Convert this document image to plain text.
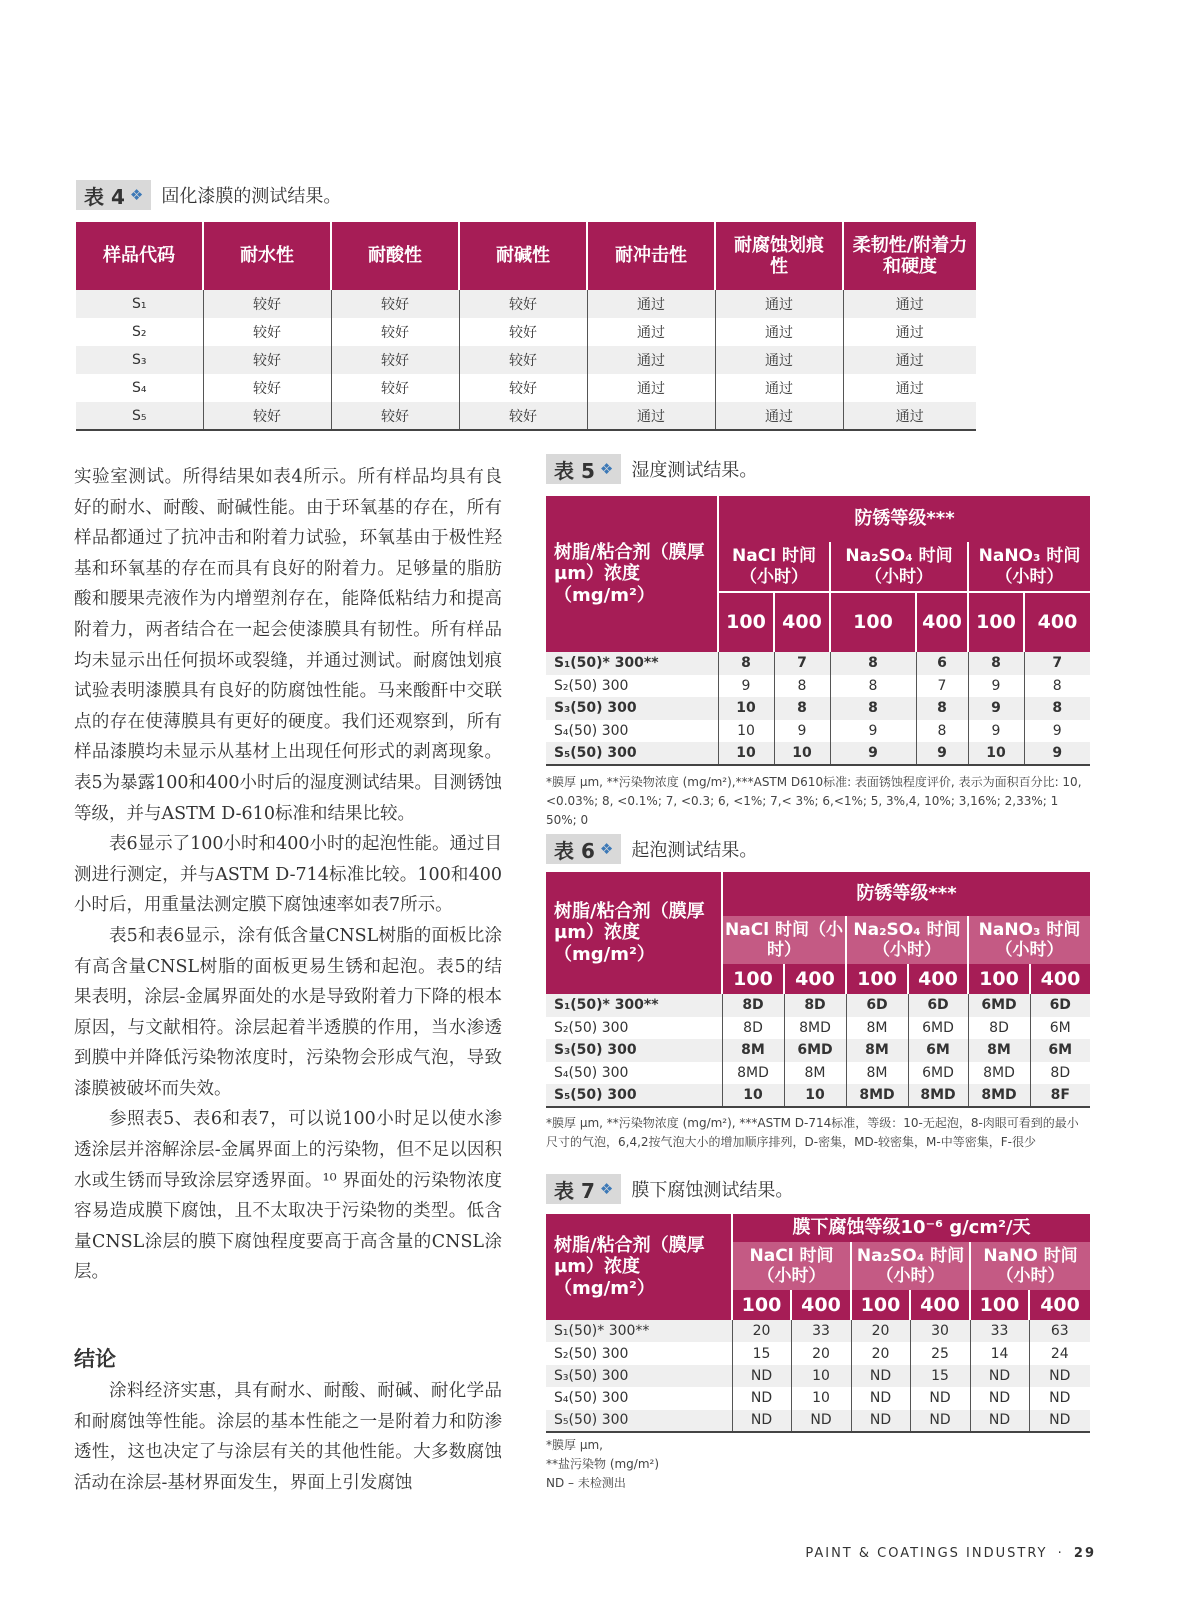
表 4 ❖ 固化漆膜的测试结果。
样品代码	耐水性	耐酸性	耐碱性	耐冲击性	耐腐蚀划痕性	柔韧性/附着力和硬度
S₁	较好	较好	较好	通过	通过	通过
S₂	较好	较好	较好	通过	通过	通过
S₃	较好	较好	较好	通过	通过	通过
S₄	较好	较好	较好	通过	通过	通过
S₅	较好	较好	较好	通过	通过	通过

实验室测试。所得结果如表4所示。所有样品均具有良好的耐水、耐酸、耐碱性能。由于环氧基的存在，所有样品都通过了抗冲击和附着力试验，环氧基由于极性羟基和环氧基的存在而具有良好的附着力。足够量的脂肪酸和腰果壳液作为内增塑剂存在，能降低粘结力和提高附着力，两者结合在一起会使漆膜具有韧性。所有样品均未显示出任何损坏或裂缝，并通过测试。耐腐蚀划痕试验表明漆膜具有良好的防腐蚀性能。马来酸酐中交联点的存在使薄膜具有更好的硬度。我们还观察到，所有样品漆膜均未显示从基材上出现任何形式的剥离现象。表5为暴露100和400小时后的湿度测试结果。目测锈蚀等级，并与ASTM D-610标准和结果比较。

表6显示了100小时和400小时的起泡性能。通过目测进行测定，并与ASTM D-714标准比较。100和400小时后，用重量法测定膜下腐蚀速率如表7所示。

表5和表6显示，涂有低含量CNSL树脂的面板比涂有高含量CNSL树脂的面板更易生锈和起泡。表5的结果表明，涂层-金属界面处的水是导致附着力下降的根本原因，与文献相符。涂层起着半透膜的作用，当水渗透到膜中并降低污染物浓度时，污染物会形成气泡，导致漆膜被破坏而失效。

参照表5、表6和表7，可以说100小时足以使水渗透涂层并溶解涂层-金属界面上的污染物，但不足以因积水或生锈而导致涂层穿透界面。¹⁰ 界面处的污染物浓度容易造成膜下腐蚀，且不太取决于污染物的类型。低含量CNSL涂层的膜下腐蚀程度要高于高含量的CNSL涂层。

结论

涂料经济实惠，具有耐水、耐酸、耐碱、耐化学品和耐腐蚀等性能。涂层的基本性能之一是附着力和防渗透性，这也决定了与涂层有关的其他性能。大多数腐蚀活动在涂层-基材界面发生，界面上引发腐蚀

表 5 ❖ 湿度测试结果。
树脂/粘合剂（膜厚µm）浓度（mg/m²）	防锈等级***					
	NaCl 时间（小时）		Na₂SO₄ 时间（小时）		NaNO₃ 时间（小时）	
	100	400	100	400	100	400
S₁(50)* 300**	8	7	8	6	8	7
S₂(50) 300	9	8	8	7	9	8
S₃(50) 300	10	8	8	8	9	8
S₄(50) 300	10	9	9	8	9	9
S₅(50) 300	10	10	9	9	10	9
*膜厚 µm, **污染物浓度 (mg/m²),***ASTM D610标准: 表面锈蚀程度评价, 表示为面积百分比: 10, <0.03%; 8, <0.1%; 7, <0.3; 6, <1%; 7,< 3%; 6,<1%; 5, 3%,4, 10%; 3,16%; 2,33%; 1 50%; 0
表 6 ❖ 起泡测试结果。
树脂/粘合剂（膜厚µm）浓度（mg/m²）	防锈等级***					
	NaCl 时间（小时）		Na₂SO₄ 时间（小时）		NaNO₃ 时间（小时）	
	100	400	100	400	100	400
S₁(50)* 300**	8D	8D	6D	6D	6MD	6D
S₂(50) 300	8D	8MD	8M	6MD	8D	6M
S₃(50) 300	8M	6MD	8M	6M	8M	6M
S₄(50) 300	8MD	8M	8M	6MD	8MD	8D
S₅(50) 300	10	10	8MD	8MD	8MD	8F
*膜厚 µm, **污染物浓度 (mg/m²), ***ASTM D-714标准，等级：10-无起泡，8-肉眼可看到的最小尺寸的气泡，6,4,2按气泡大小的增加顺序排列，D-密集，MD-较密集，M-中等密集，F-很少
表 7 ❖ 膜下腐蚀测试结果。
树脂/粘合剂（膜厚µm）浓度（mg/m²）	膜下腐蚀等级10⁻⁶ g/cm²/天					
	NaCl 时间（小时）		Na₂SO₄ 时间（小时）		NaNO 时间（小时）	
	100	400	100	400	100	400
S₁(50)* 300**	20	33	20	30	33	63
S₂(50) 300	15	20	20	25	14	24
S₃(50) 300	ND	10	ND	15	ND	ND
S₄(50) 300	ND	10	ND	ND	ND	ND
S₅(50) 300	ND	ND	ND	ND	ND	ND
*膜厚 µm,
**盐污染物 (mg/m²)
ND – 未检测出
PAINT & COATINGS INDUSTRY · 29
